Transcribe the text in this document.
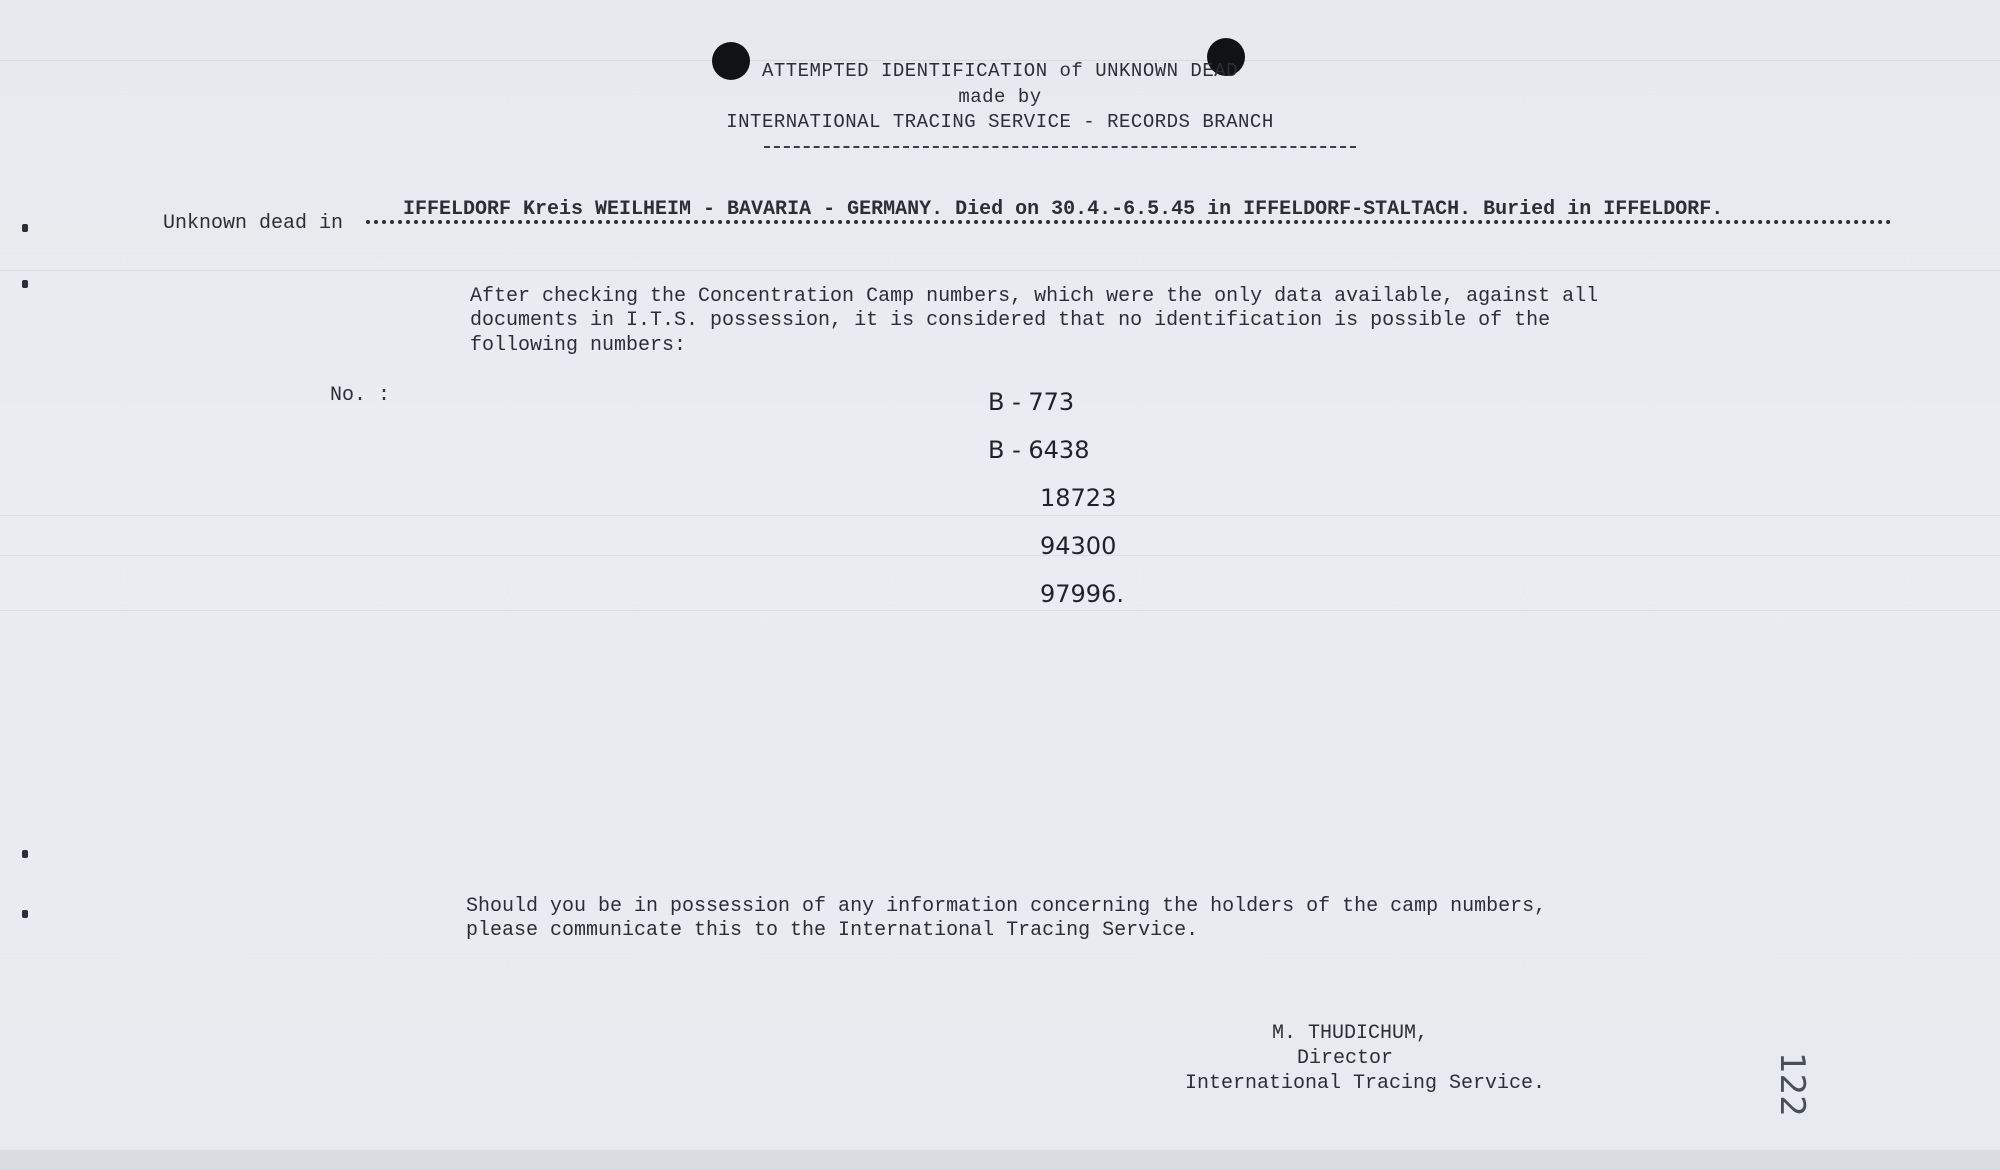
ATTEMPTED IDENTIFICATION of UNKNOWN DEAD
made by
INTERNATIONAL TRACING SERVICE - RECORDS BRANCH
Unknown dead in
IFFELDORF Kreis WEILHEIM - BAVARIA - GERMANY. Died on 30.4.-6.5.45 in IFFELDORF-STALTACH. Buried in IFFELDORF.
After checking the Concentration Camp numbers, which were the only data available, against all
documents in I.T.S. possession, it is considered that no identification is possible of the
following numbers:
No. :	B - 773
B - 6438
18723
94300
97996.
Should you be in possession of any information concerning the holders of the camp numbers,
please communicate this to the International Tracing Service.
M. THUDICHUM,
Director
International Tracing Service.	122
